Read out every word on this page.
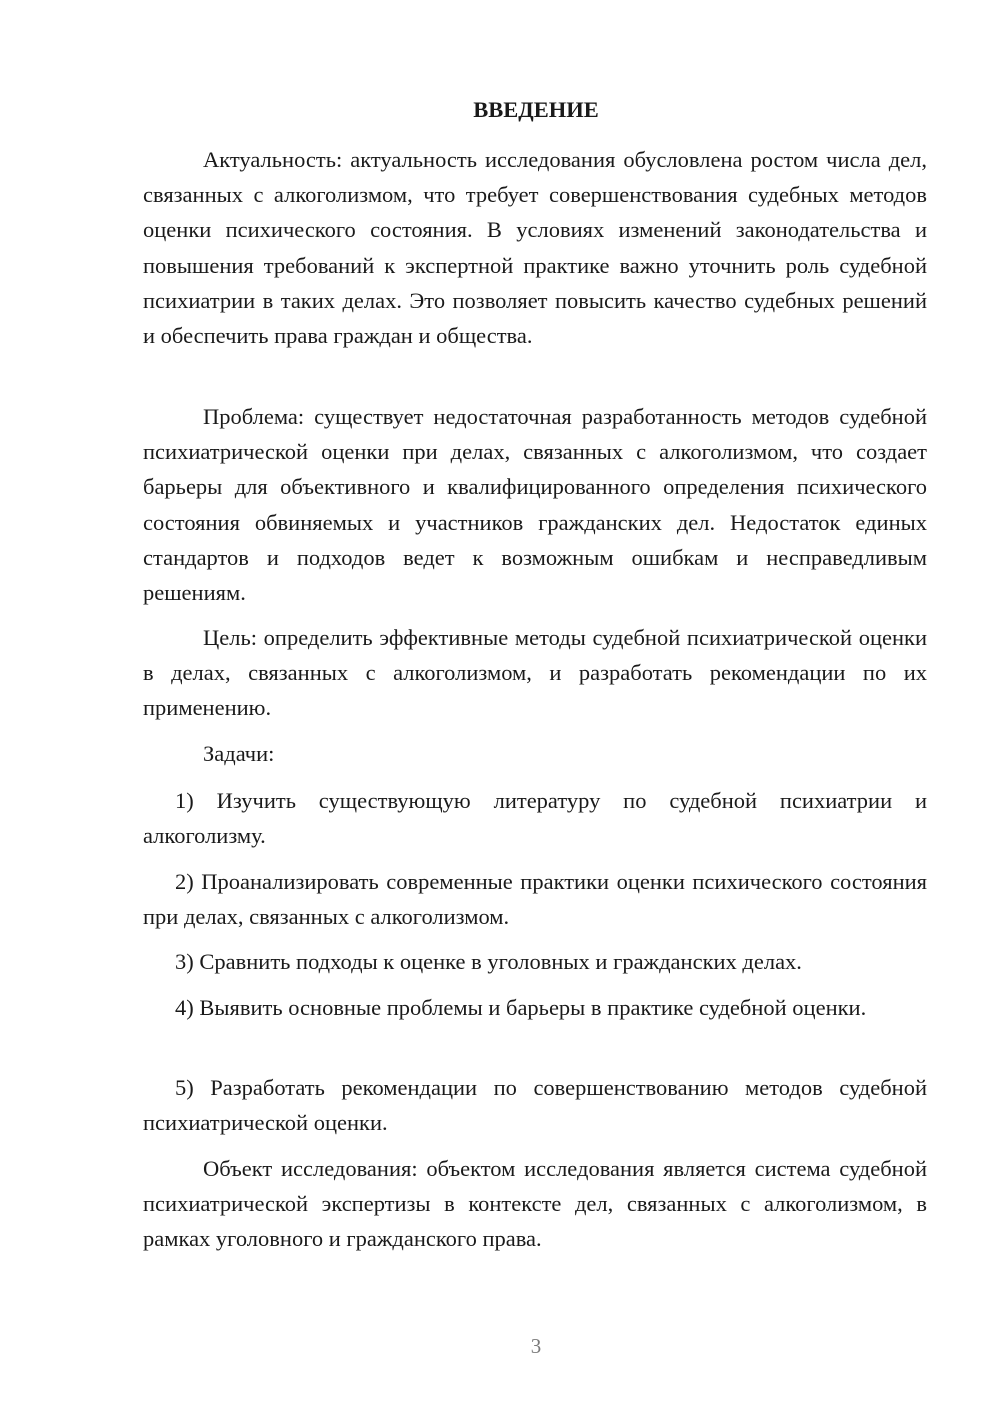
ВВЕДЕНИЕ

Актуальность: актуальность исследования обусловлена ростом числа дел, связанных с алкоголизмом, что требует совершенствования судебных методов оценки психического состояния. В условиях изменений законодательства и повышения требований к экспертной практике важно уточнить роль судебной психиатрии в таких делах. Это позволяет повысить качество судебных решений и обеспечить права граждан и общества.

Проблема: существует недостаточная разработанность методов судебной психиатрической оценки при делах, связанных с алкоголизмом, что создает барьеры для объективного и квалифицированного определения психического состояния обвиняемых и участников гражданских дел. Недостаток единых стандартов и подходов ведет к возможным ошибкам и несправедливым решениям.

Цель: определить эффективные методы судебной психиатрической оценки в делах, связанных с алкоголизмом, и разработать рекомендации по их применению.

Задачи:

1) Изучить существующую литературу по судебной психиатрии и алкоголизму.

2) Проанализировать современные практики оценки психического состояния при делах, связанных с алкоголизмом.

3) Сравнить подходы к оценке в уголовных и гражданских делах.

4) Выявить основные проблемы и барьеры в практике судебной оценки.

5) Разработать рекомендации по совершенствованию методов судебной психиатрической оценки.

Объект исследования: объектом исследования является система судебной психиатрической экспертизы в контексте дел, связанных с алкоголизмом, в рамках уголовного и гражданского права.

3
